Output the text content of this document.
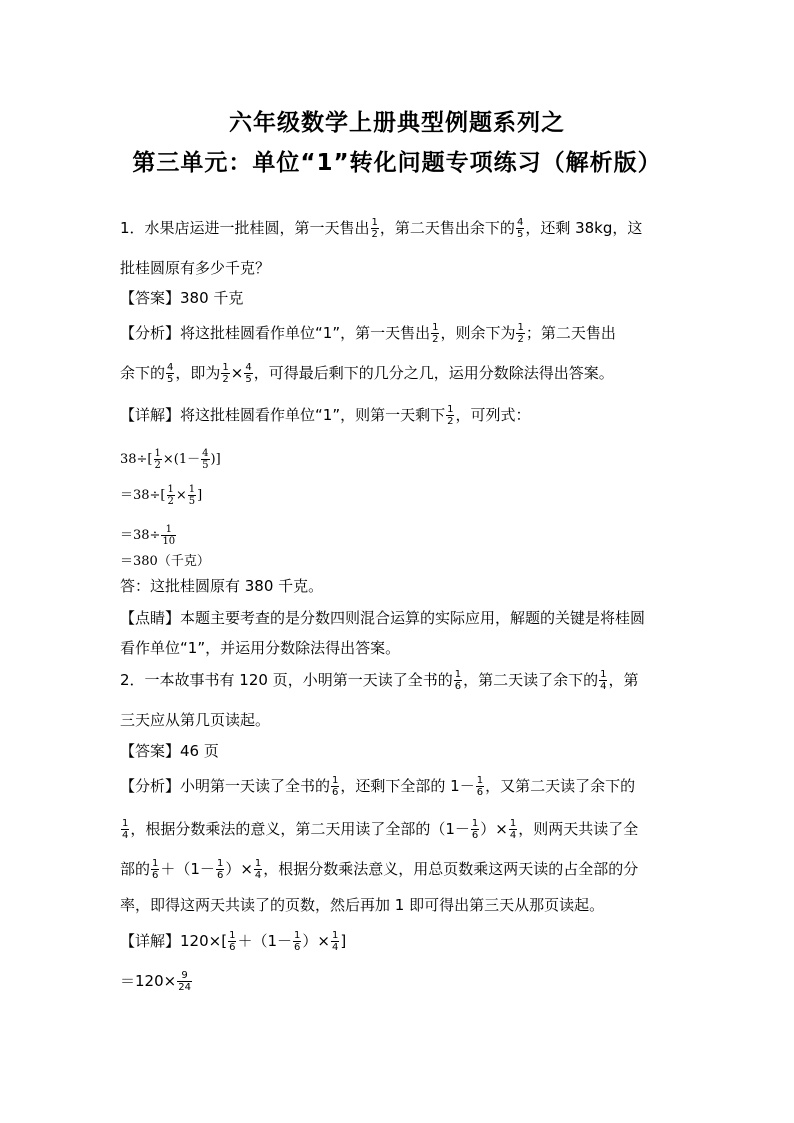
六年级数学上册典型例题系列之
第三单元：单位“1”转化问题专项练习（解析版）
1．水果店运进一批桂圆，第一天售出 $\frac{1}{2}$ ，第二天售出余下的 $\frac{4}{5}$ ，还剩 38kg，这
批桂圆原有多少千克？
【答案】380 千克
【分析】将这批桂圆看作单位“1”，第一天售出 $\frac{1}{2}$ ，则余下为 $\frac{1}{2}$ ；第二天售出
余下的 $\frac{4}{5}$ ，即为 $\frac{1}{2} \times \frac{4}{5}$ ，可得最后剩下的几分之几，运用分数除法得出答案。
【详解】将这批桂圆看作单位“1”，则第一天剩下 $\frac{1}{2}$ ，可列式：
$38\div[ \frac{1}{2} \times(1- \frac{4}{5}$ )]
$=38\div[ \frac{1}{2} \times \frac{1}{5}$ ]
$=38\div \frac{1}{10}$
＝380（千克）
答：这批桂圆原有 380 千克。
【点睛】本题主要考查的是分数四则混合运算的实际应用，解题的关键是将桂圆
看作单位“1”，并运用分数除法得出答案。
2．一本故事书有 120 页，小明第一天读了全书的 $\frac{1}{6}$ ，第二天读了余下的 $\frac{1}{4}$ ，第
三天应从第几页读起。
【答案】46 页
【分析】小明第一天读了全书的 $\frac{1}{6}$ ，还剩下全部的 $1- \frac{1}{6}$ ，又第二天读了余下的
$\frac{1}{4}$ ，根据分数乘法的意义，第二天用读了全部的（$1- \frac{1}{6}$ ）× $\frac{1}{4}$ ，则两天共读了全
部的 $\frac{1}{6} +(1- \frac{1}{6}$ ）× $\frac{1}{4}$ ，根据分数乘法意义，用总页数乘这两天读的占全部的分
率，即得这两天共读了的页数，然后再加 1 即可得出第三天从那页读起。
【详解】$120\times[ \frac{1}{6} +(1- \frac{1}{6}$ ）× $\frac{1}{4}$ ]
$=120\times \frac{9}{24}$
